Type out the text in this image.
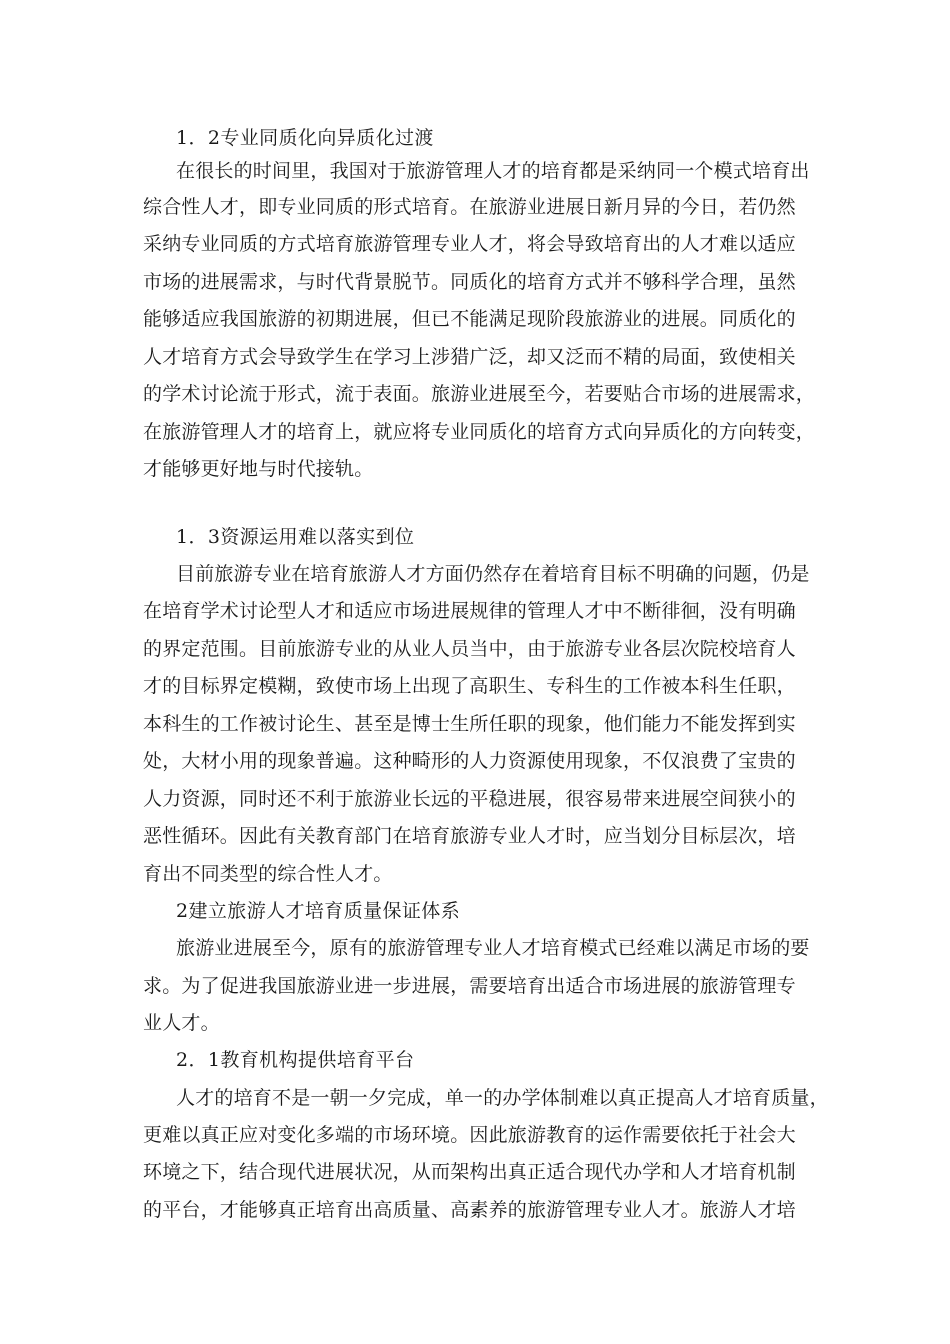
1．2专业同质化向异质化过渡
在很长的时间里，我国对于旅游管理人才的培育都是采纳同一个模式培育出
综合性人才，即专业同质的形式培育。在旅游业进展日新月异的今日，若仍然
采纳专业同质的方式培育旅游管理专业人才，将会导致培育出的人才难以适应
市场的进展需求，与时代背景脱节。同质化的培育方式并不够科学合理，虽然
能够适应我国旅游的初期进展，但已不能满足现阶段旅游业的进展。同质化的
人才培育方式会导致学生在学习上涉猎广泛，却又泛而不精的局面，致使相关
的学术讨论流于形式，流于表面。旅游业进展至今，若要贴合市场的进展需求，
在旅游管理人才的培育上，就应将专业同质化的培育方式向异质化的方向转变，
才能够更好地与时代接轨。
1．3资源运用难以落实到位
目前旅游专业在培育旅游人才方面仍然存在着培育目标不明确的问题，仍是
在培育学术讨论型人才和适应市场进展规律的管理人才中不断徘徊，没有明确
的界定范围。目前旅游专业的从业人员当中，由于旅游专业各层次院校培育人
才的目标界定模糊，致使市场上出现了高职生、专科生的工作被本科生任职，
本科生的工作被讨论生、甚至是博士生所任职的现象，他们能力不能发挥到实
处，大材小用的现象普遍。这种畸形的人力资源使用现象，不仅浪费了宝贵的
人力资源，同时还不利于旅游业长远的平稳进展，很容易带来进展空间狭小的
恶性循环。因此有关教育部门在培育旅游专业人才时，应当划分目标层次，培
育出不同类型的综合性人才。
2建立旅游人才培育质量保证体系
旅游业进展至今，原有的旅游管理专业人才培育模式已经难以满足市场的要
求。为了促进我国旅游业进一步进展，需要培育出适合市场进展的旅游管理专
业人才。
2．1教育机构提供培育平台
人才的培育不是一朝一夕完成，单一的办学体制难以真正提高人才培育质量，
更难以真正应对变化多端的市场环境。因此旅游教育的运作需要依托于社会大
环境之下，结合现代进展状况，从而架构出真正适合现代办学和人才培育机制
的平台，才能够真正培育出高质量、高素养的旅游管理专业人才。旅游人才培
